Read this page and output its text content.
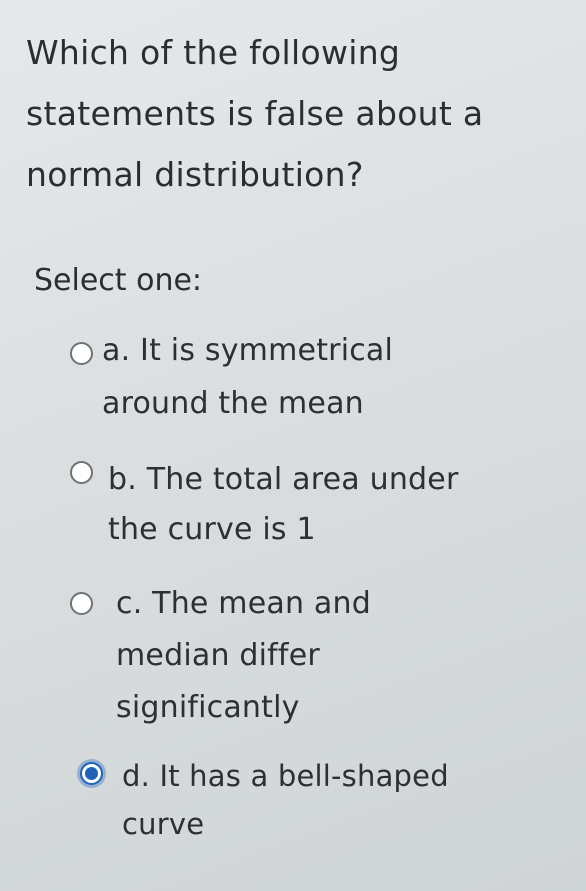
Which of the following
statements is false about a
normal distribution?
Select one:
a. It is symmetrical
around the mean
b. The total area under
the curve is 1
c. The mean and
median differ
significantly
d. It has a bell-shaped
curve
